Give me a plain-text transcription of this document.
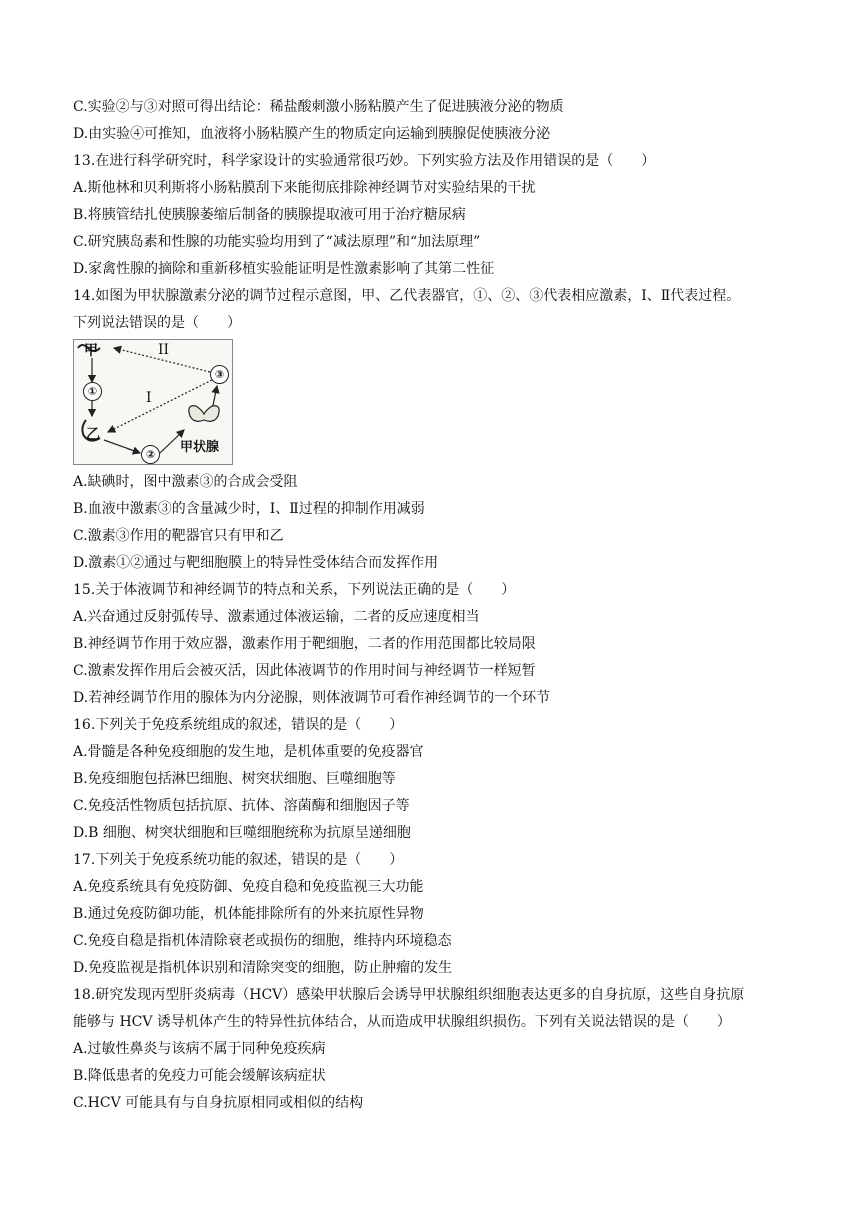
C.实验②与③对照可得出结论：稀盐酸刺激小肠粘膜产生了促进胰液分泌的物质
D.由实验④可推知，血液将小肠粘膜产生的物质定向运输到胰腺促使胰液分泌
13.在进行科学研究时，科学家设计的实验通常很巧妙。下列实验方法及作用错误的是（　　）
A.斯他林和贝利斯将小肠粘膜刮下来能彻底排除神经调节对实验结果的干扰
B.将胰管结扎使胰腺萎缩后制备的胰腺提取液可用于治疗糖尿病
C.研究胰岛素和性腺的功能实验均用到了“减法原理”和“加法原理”
D.家禽性腺的摘除和重新移植实验能证明是性激素影响了其第二性征
14.如图为甲状腺激素分泌的调节过程示意图，甲、乙代表器官，①、②、③代表相应激素，Ⅰ、Ⅱ代表过程。
下列说法错误的是（　　）
甲
乙
甲状腺
①
②
③
I
II
A.缺碘时，图中激素③的合成会受阻
B.血液中激素③的含量减少时，Ⅰ、Ⅱ过程的抑制作用减弱
C.激素③作用的靶器官只有甲和乙
D.激素①②通过与靶细胞膜上的特异性受体结合而发挥作用
15.关于体液调节和神经调节的特点和关系，下列说法正确的是（　　）
A.兴奋通过反射弧传导、激素通过体液运输，二者的反应速度相当
B.神经调节作用于效应器，激素作用于靶细胞，二者的作用范围都比较局限
C.激素发挥作用后会被灭活，因此体液调节的作用时间与神经调节一样短暂
D.若神经调节作用的腺体为内分泌腺，则体液调节可看作神经调节的一个环节
16.下列关于免疫系统组成的叙述，错误的是（　　）
A.骨髓是各种免疫细胞的发生地，是机体重要的免疫器官
B.免疫细胞包括淋巴细胞、树突状细胞、巨噬细胞等
C.免疫活性物质包括抗原、抗体、溶菌酶和细胞因子等
D.B 细胞、树突状细胞和巨噬细胞统称为抗原呈递细胞
17.下列关于免疫系统功能的叙述，错误的是（　　）
A.免疫系统具有免疫防御、免疫自稳和免疫监视三大功能
B.通过免疫防御功能，机体能排除所有的外来抗原性异物
C.免疫自稳是指机体清除衰老或损伤的细胞，维持内环境稳态
D.免疫监视是指机体识别和清除突变的细胞，防止肿瘤的发生
18.研究发现丙型肝炎病毒（HCV）感染甲状腺后会诱导甲状腺组织细胞表达更多的自身抗原，这些自身抗原
能够与 HCV 诱导机体产生的特异性抗体结合，从而造成甲状腺组织损伤。下列有关说法错误的是（　　）
A.过敏性鼻炎与该病不属于同种免疫疾病
B.降低患者的免疫力可能会缓解该病症状
C.HCV 可能具有与自身抗原相同或相似的结构
